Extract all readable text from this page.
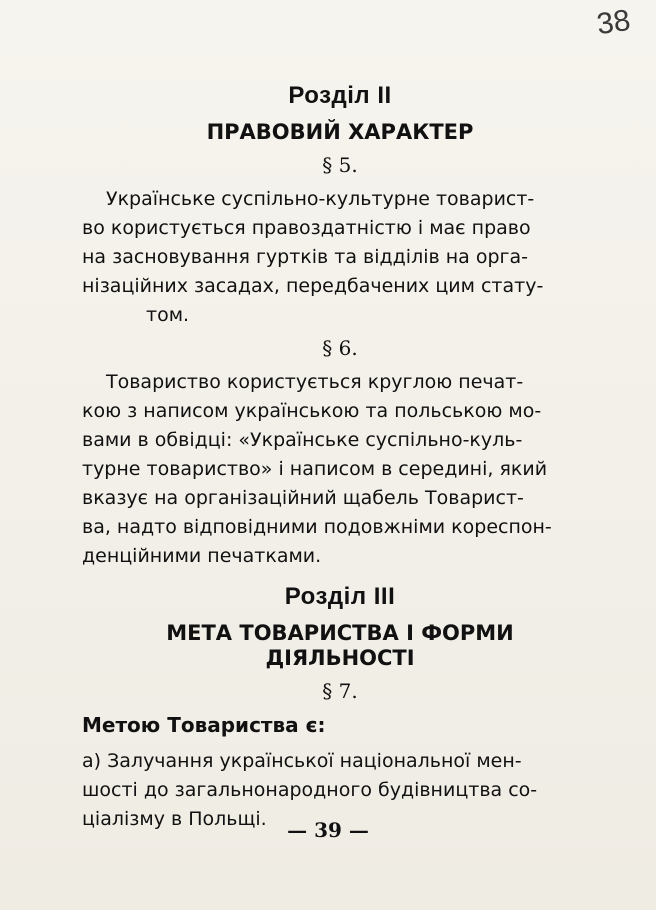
38
Розділ II
ПРАВОВИЙ ХАРАКТЕР
§ 5.

Українське суспільно-культурне товарист-
во користується правоздатністю і має право
на засновування гуртків та відділів на орга-
нізаційних засадах, передбачених цим стату-
том.

§ 6.

Товариство користується круглою печат-
кою з написом українською та польською мо-
вами в обвідці: «Українське суспільно-куль-
турне товариство» і написом в середині, який
вказує на організаційний щабель Товарист-
ва, надто відповідними подовжніми кореспон-
денційними печатками.

Розділ III
МЕТА ТОВАРИСТВА І ФОРМИ
ДІЯЛЬНОСТІ
§ 7.
Метою Товариства є:

а) Залучання української національної мен-
шості до загальнонародного будівництва со-
ціалізму в Польщі.	— 39 —
